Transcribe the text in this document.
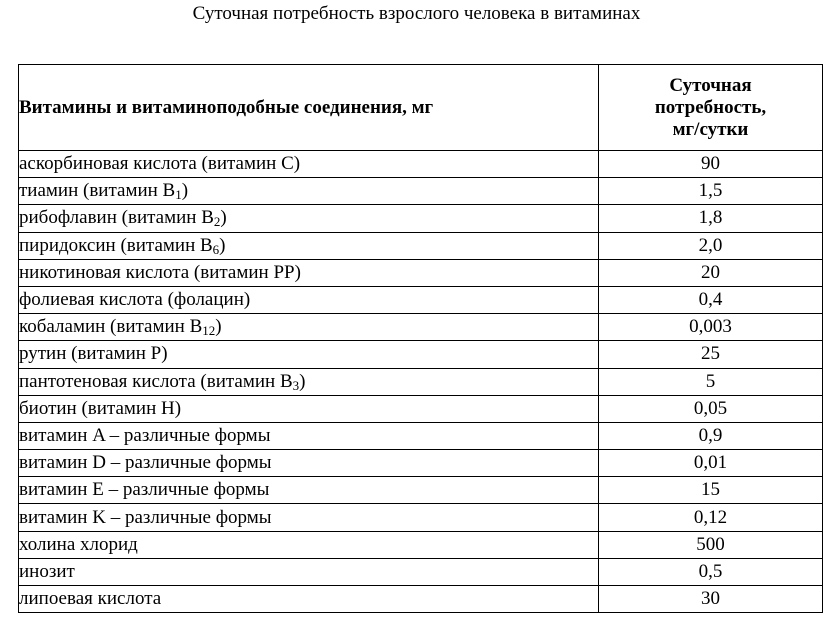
Суточная потребность взрослого человека в витаминах
Витамины и витаминоподобные соединения, мг	Суточная
потребность,
мг/сутки

аскорбиновая кислота (витамин C)	90
тиамин (витамин $B_1$)	1,5
рибофлавин (витамин $B_2$)	1,8
пиридоксин (витамин $B_6$)	2,0
никотиновая кислота (витамин PP)	20
фолиевая кислота (фолацин)	0,4
кобаламин (витамин $B_{12}$)	0,003
рутин (витамин P)	25
пантотеновая кислота (витамин $B_3$)	5
биотин (витамин H)	0,05
витамин A – различные формы	0,9
витамин D – различные формы	0,01
витамин E – различные формы	15
витамин K – различные формы	0,12
холина хлорид	500
инозит	0,5
липоевая кислота	30
